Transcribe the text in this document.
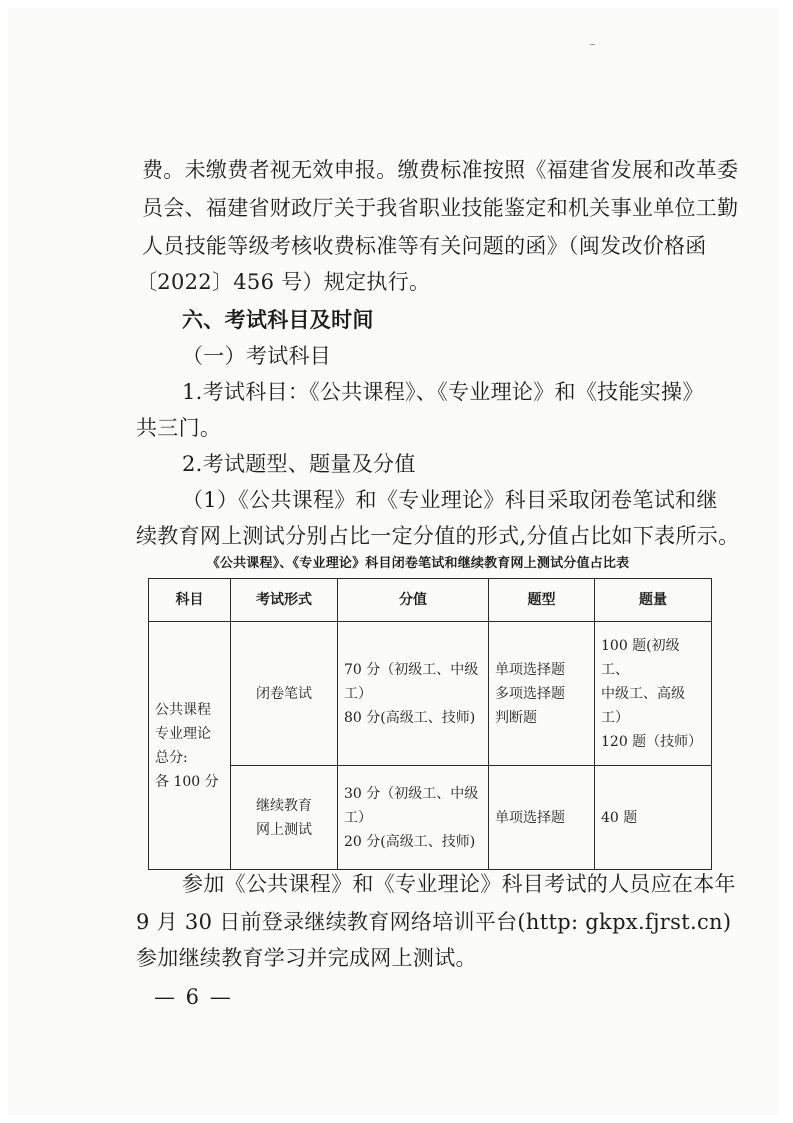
费。未缴费者视无效申报。缴费标准按照《福建省发展和改革委
员会、福建省财政厅关于我省职业技能鉴定和机关事业单位工勤
人员技能等级考核收费标准等有关问题的函》（闽发改价格函
〔2022〕456 号）规定执行。
六、考试科目及时间
（一）考试科目
1.考试科目：《公共课程》、《专业理论》和《技能实操》
共三门。
2.考试题型、题量及分值
（1）《公共课程》和《专业理论》科目采取闭卷笔试和继
续教育网上测试分别占比一定分值的形式,分值占比如下表所示。
《公共课程》、《专业理论》科目闭卷笔试和继续教育网上测试分值占比表
科目	考试形式	分值	题型	题量

公共课程
专业理论
总分:
各 100 分	闭卷笔试	70 分（初级工、中级
工）
80 分(高级工、技师)	单项选择题
多项选择题
判断题	100 题(初级工、
中级工、高级
工）
120 题（技师）

	继续教育
网上测试	30 分（初级工、中级
工）
20 分(高级工、技师)	单项选择题	40 题
参加《公共课程》和《专业理论》科目考试的人员应在本年
9 月 30 日前登录继续教育网络培训平台(http: gkpx.fjrst.cn)
参加继续教育学习并完成网上测试。
— 6 —
